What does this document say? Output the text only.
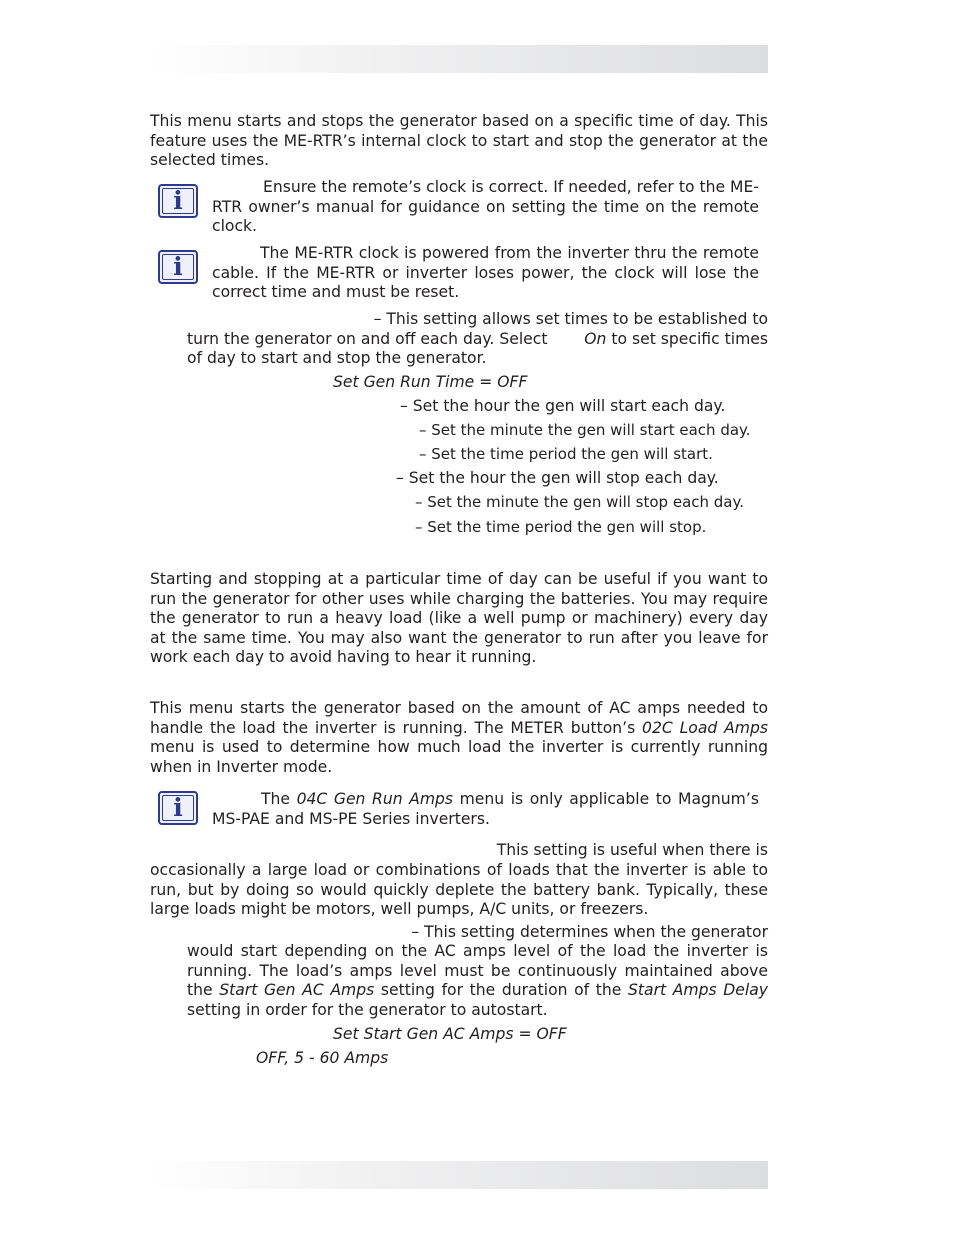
This menu starts and stops the generator based on a specific time of day. This feature uses the ME-RTR’s internal clock to start and stop the generator at the selected times.
i	Ensure the remote’s clock is correct. If needed, refer to the ME-RTR owner’s manual for guidance on setting the time on the remote clock.
i	The ME-RTR clock is powered from the inverter thru the remote cable. If the ME-RTR or inverter loses power, the clock will lose the correct time and must be reset.
– This setting allows set times to be established to
turn the generator on and off each day. Select On to set specific times
of day to start and stop the generator.
Set Gen Run Time = OFF
– Set the hour the gen will start each day.
– Set the minute the gen will start each day.
– Set the time period the gen will start.
– Set the hour the gen will stop each day.
– Set the minute the gen will stop each day.
– Set the time period the gen will stop.
Starting and stopping at a particular time of day can be useful if you want to run the generator for other uses while charging the batteries. You may require the generator to run a heavy load (like a well pump or machinery) every day at the same time. You may also want the generator to run after you leave for work each day to avoid having to hear it running.
This menu starts the generator based on the amount of AC amps needed to handle the load the inverter is running. The METER button’s 02C Load Amps menu is used to determine how much load the inverter is currently running when in Inverter mode.
i	The 04C Gen Run Amps menu is only applicable to Magnum’s MS-PAE and MS-PE Series inverters.
This setting is useful when there is
occasionally a large load or combinations of loads that the inverter is able to run, but by doing so would quickly deplete the battery bank. Typically, these large loads might be motors, well pumps, A/C units, or freezers.
– This setting determines when the generator
would start depending on the AC amps level of the load the inverter is running. The load’s amps level must be continuously maintained above the Start Gen AC Amps setting for the duration of the Start Amps Delay setting in order for the generator to autostart.
Set Start Gen AC Amps = OFF
OFF, 5 - 60 Amps
